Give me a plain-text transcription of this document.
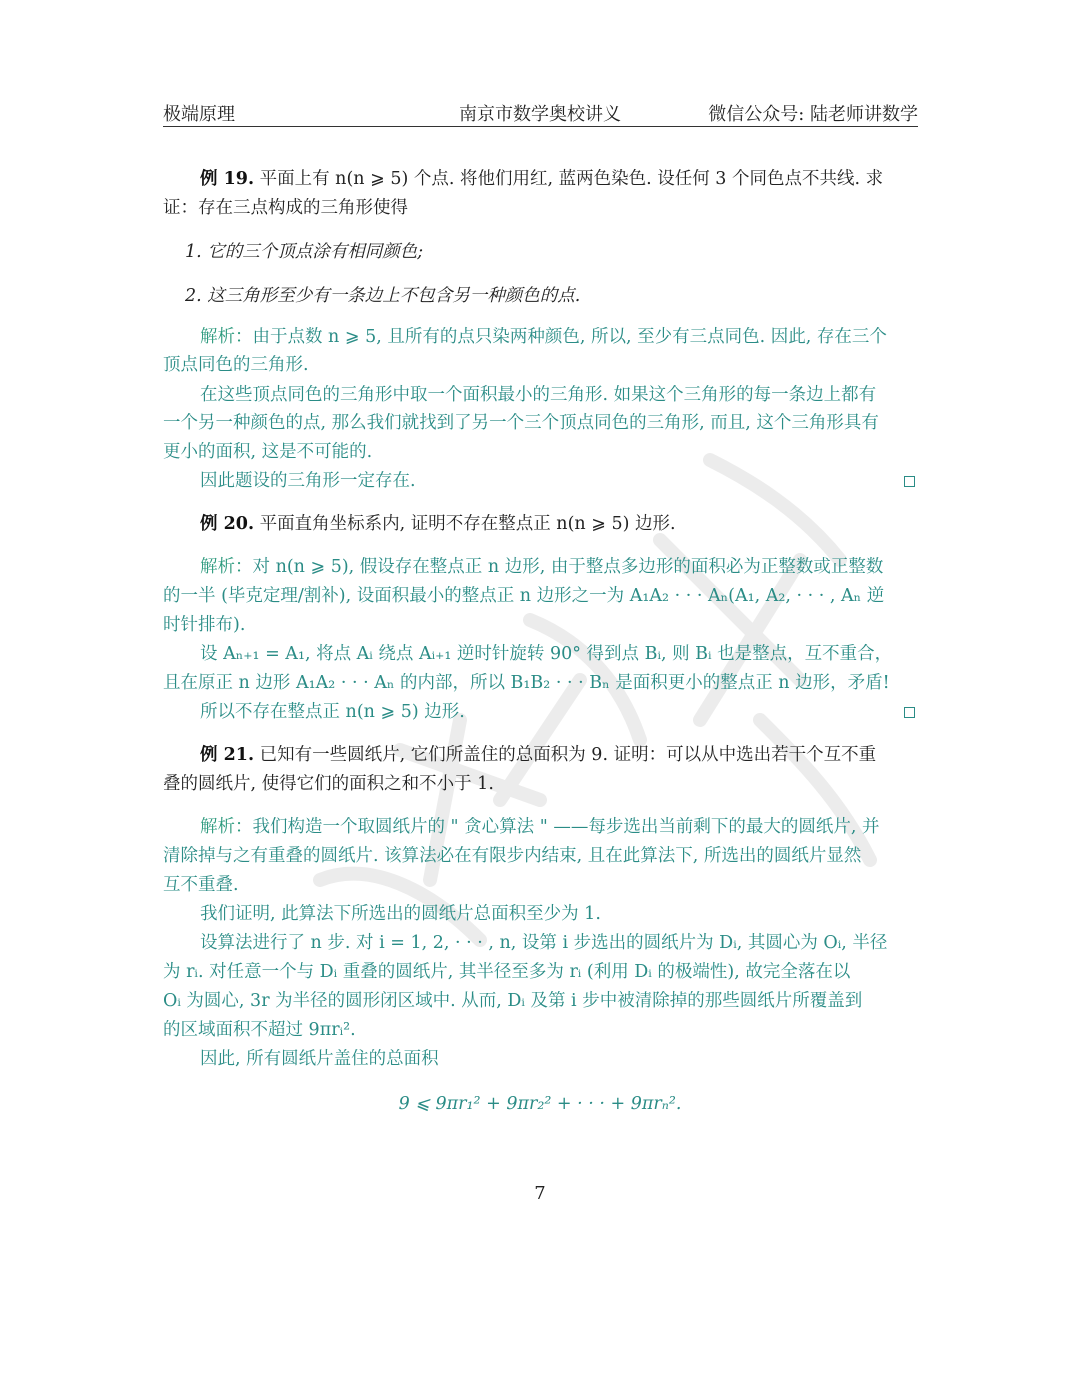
极端原理	南京市数学奥校讲义	微信公众号: 陆老师讲数学
例 19. 平面上有 n(n ⩾ 5) 个点. 将他们用红, 蓝两色染色. 设任何 3 个同色点不共线. 求
证：存在三点构成的三角形使得
1. 它的三个顶点涂有相同颜色;
2. 这三角形至少有一条边上不包含另一种颜色的点.
解析：由于点数 n ⩾ 5, 且所有的点只染两种颜色, 所以, 至少有三点同色. 因此, 存在三个
顶点同色的三角形.
在这些顶点同色的三角形中取一个面积最小的三角形. 如果这个三角形的每一条边上都有
一个另一种颜色的点, 那么我们就找到了另一个三个顶点同色的三角形, 而且, 这个三角形具有
更小的面积, 这是不可能的.
因此题设的三角形一定存在.
例 20. 平面直角坐标系内, 证明不存在整点正 n(n ⩾ 5) 边形.
解析：对 n(n ⩾ 5), 假设存在整点正 n 边形, 由于整点多边形的面积必为正整数或正整数
的一半 (毕克定理/割补), 设面积最小的整点正 n 边形之一为 A₁A₂ · · · Aₙ(A₁, A₂, · · · , Aₙ 逆
时针排布).
设 Aₙ₊₁ = A₁, 将点 Aᵢ 绕点 Aᵢ₊₁ 逆时针旋转 90° 得到点 Bᵢ, 则 Bᵢ 也是整点，互不重合，
且在原正 n 边形 A₁A₂ · · · Aₙ 的内部，所以 B₁B₂ · · · Bₙ 是面积更小的整点正 n 边形，矛盾!
所以不存在整点正 n(n ⩾ 5) 边形.
例 21. 已知有一些圆纸片, 它们所盖住的总面积为 9. 证明：可以从中选出若干个互不重
叠的圆纸片, 使得它们的面积之和不小于 1.
解析：我们构造一个取圆纸片的 " 贪心算法 " ——每步选出当前剩下的最大的圆纸片, 并
清除掉与之有重叠的圆纸片. 该算法必在有限步内结束, 且在此算法下, 所选出的圆纸片显然
互不重叠.
我们证明, 此算法下所选出的圆纸片总面积至少为 1.
设算法进行了 n 步. 对 i = 1, 2, · · · , n, 设第 i 步选出的圆纸片为 Dᵢ, 其圆心为 Oᵢ, 半径
为 rᵢ. 对任意一个与 Dᵢ 重叠的圆纸片, 其半径至多为 rᵢ (利用 Dᵢ 的极端性), 故完全落在以
Oᵢ 为圆心, 3r 为半径的圆形闭区域中. 从而, Dᵢ 及第 i 步中被清除掉的那些圆纸片所覆盖到
的区域面积不超过 9πrᵢ².
因此, 所有圆纸片盖住的总面积
9 ⩽ 9πr₁² + 9πr₂² + · · · + 9πrₙ².
7
